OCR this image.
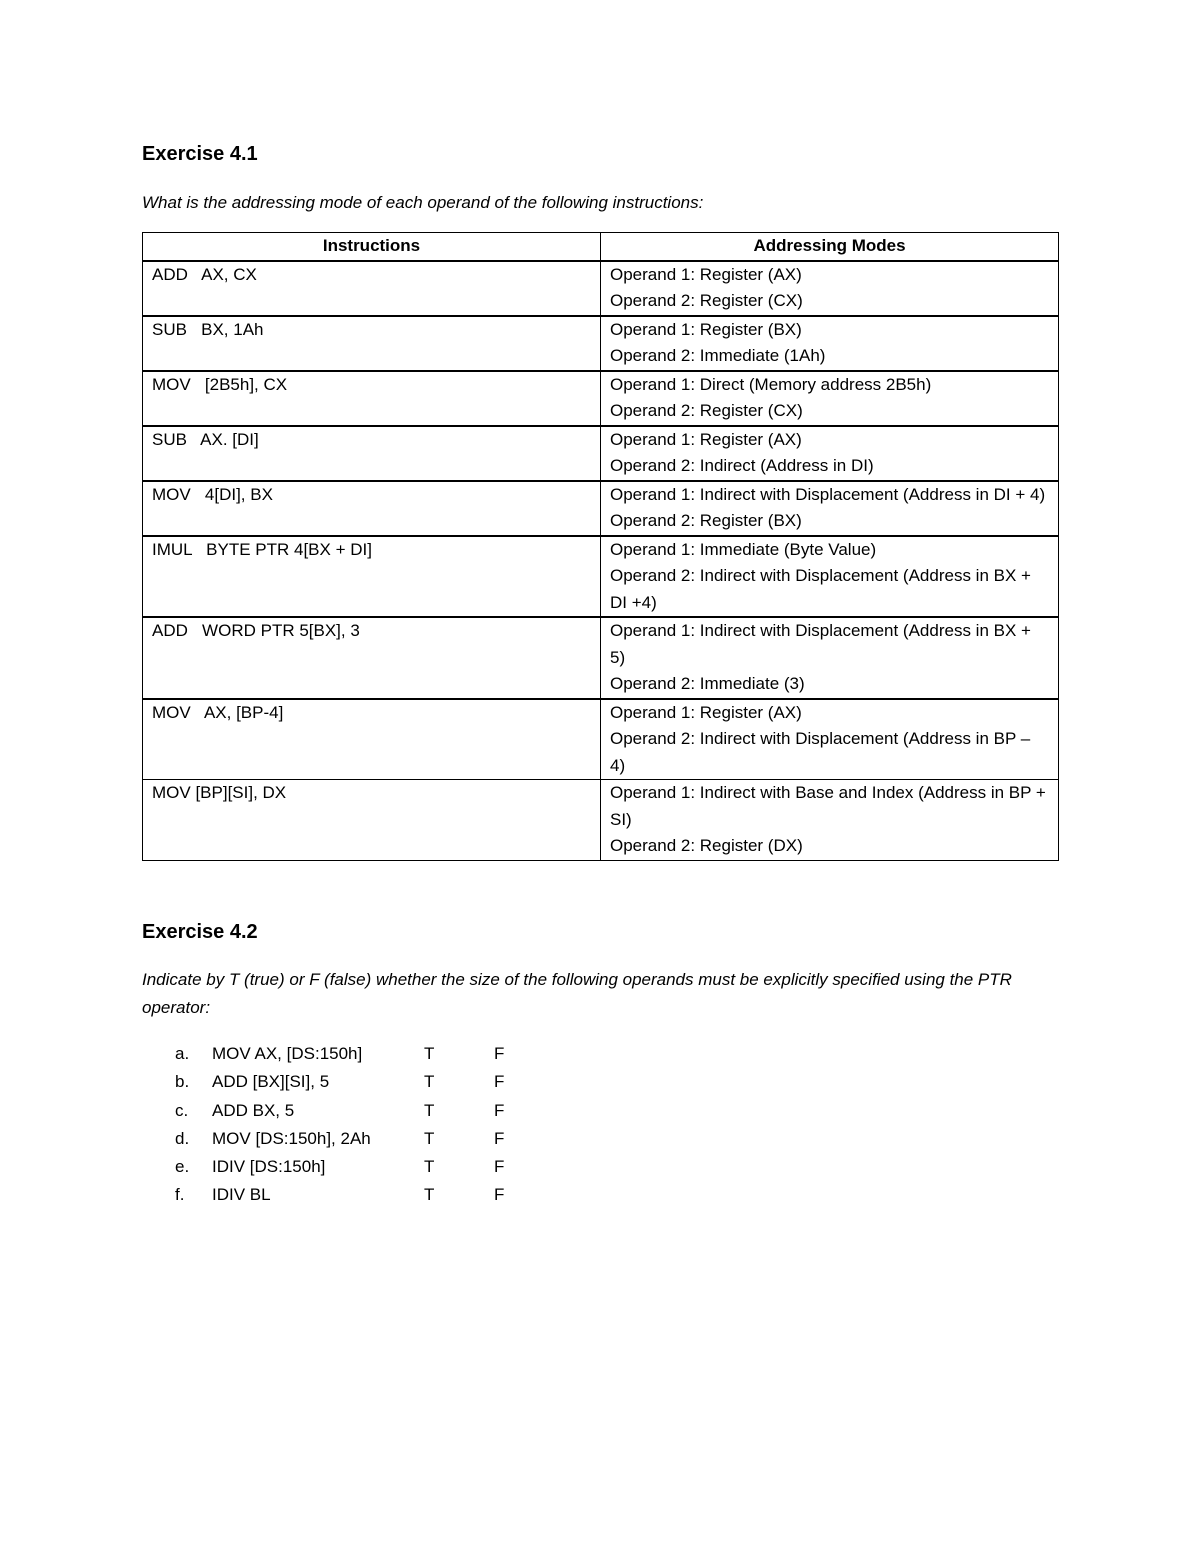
Exercise 4.1
What is the addressing mode of each operand of the following instructions:
Instructions	Addressing Modes
ADD   AX, CX	Operand 1: Register (AX)
Operand 2: Register (CX)

SUB   BX, 1Ah	Operand 1: Register (BX)
Operand 2: Immediate (1Ah)

MOV   [2B5h], CX	Operand 1: Direct (Memory address 2B5h)
Operand 2: Register (CX)

SUB   AX. [DI]	Operand 1: Register (AX)
Operand 2: Indirect (Address in DI)

MOV   4[DI], BX	Operand 1: Indirect with Displacement (Address in DI + 4)
Operand 2: Register (BX)

IMUL   BYTE PTR 4[BX + DI]	Operand 1: Immediate (Byte Value)
Operand 2: Indirect with Displacement (Address in BX + DI +4)

ADD   WORD PTR 5[BX], 3	Operand 1: Indirect with Displacement (Address in BX + 5)
Operand 2: Immediate (3)

MOV   AX, [BP-4]	Operand 1: Register (AX)
Operand 2: Indirect with Displacement (Address in BP – 4)

MOV [BP][SI], DX	Operand 1: Indirect with Base and Index (Address in BP + SI)
Operand 2: Register (DX)
Exercise 4.2
Indicate by T (true) or F (false) whether the size of the following operands must be explicitly specified using the PTR operator:
a.	MOV AX, [DS:150h]	T	F
b.	ADD [BX][SI], 5	T	F
c.	ADD BX, 5	T	F
d.	MOV [DS:150h], 2Ah	T	F
e.	IDIV [DS:150h]	T	F
f.	IDIV BL	T	F
